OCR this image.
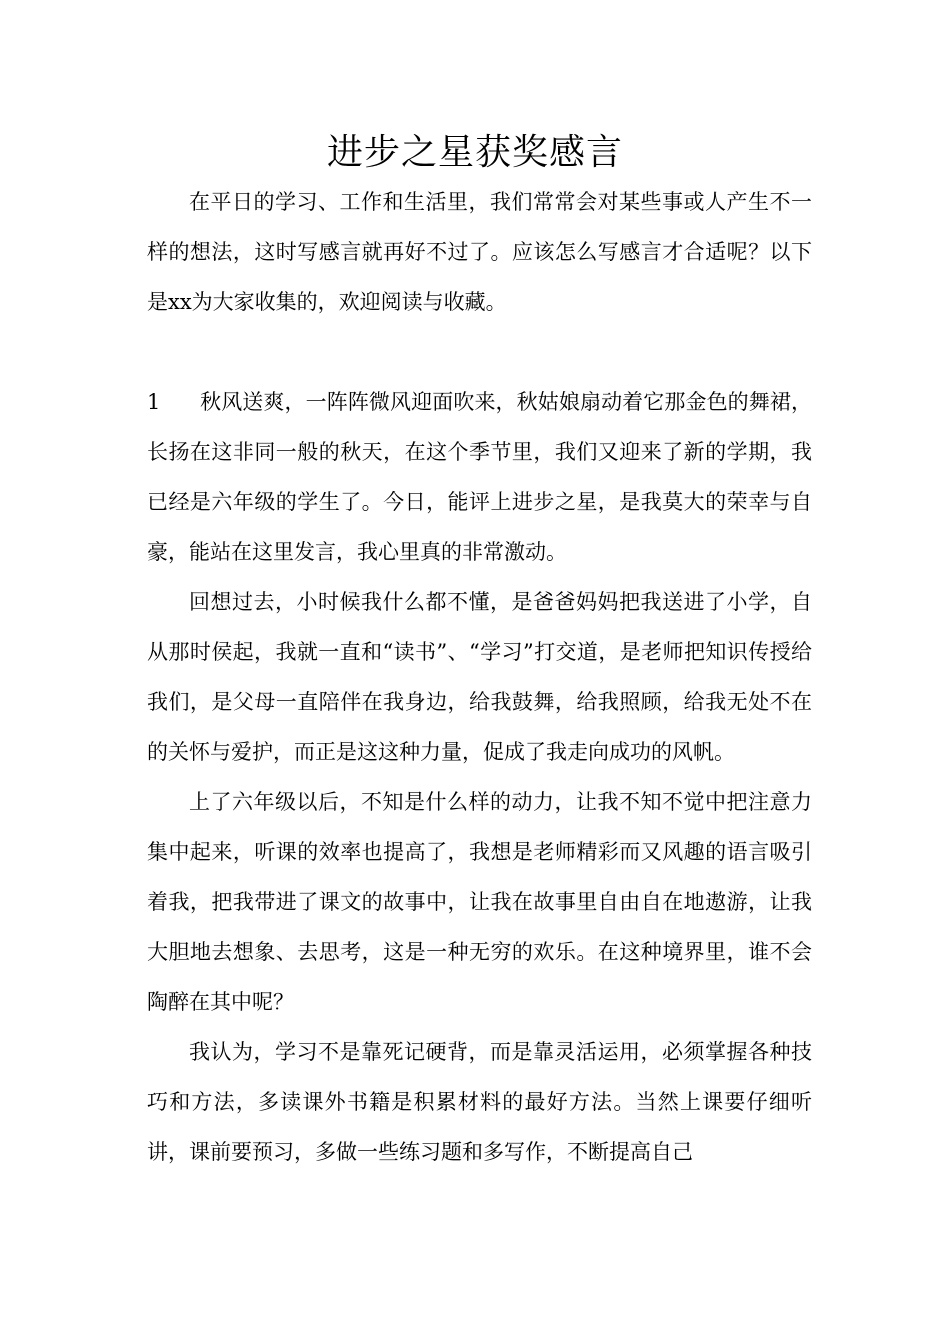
进步之星获奖感言

在平日的学习、工作和生活里，我们常常会对某些事或人产生不一样的想法，这时写感言就再好不过了。应该怎么写感言才合适呢？以下是xx为大家收集的，欢迎阅读与收藏。

1 秋风送爽，一阵阵微风迎面吹来，秋姑娘扇动着它那金色的舞裙，长扬在这非同一般的秋天，在这个季节里，我们又迎来了新的学期，我已经是六年级的学生了。今日，能评上进步之星，是我莫大的荣幸与自豪，能站在这里发言，我心里真的非常激动。

回想过去，小时候我什么都不懂，是爸爸妈妈把我送进了小学，自从那时侯起，我就一直和“读书”、“学习”打交道，是老师把知识传授给我们，是父母一直陪伴在我身边，给我鼓舞，给我照顾，给我无处不在的关怀与爱护，而正是这这种力量，促成了我走向成功的风帆。

上了六年级以后，不知是什么样的动力，让我不知不觉中把注意力集中起来，听课的效率也提高了，我想是老师精彩而又风趣的语言吸引着我，把我带进了课文的故事中，让我在故事里自由自在地遨游，让我大胆地去想象、去思考，这是一种无穷的欢乐。在这种境界里，谁不会陶醉在其中呢？

我认为，学习不是靠死记硬背，而是靠灵活运用，必须掌握各种技巧和方法，多读课外书籍是积累材料的最好方法。当然上课要仔细听讲，课前要预习，多做一些练习题和多写作，不断提高自己
